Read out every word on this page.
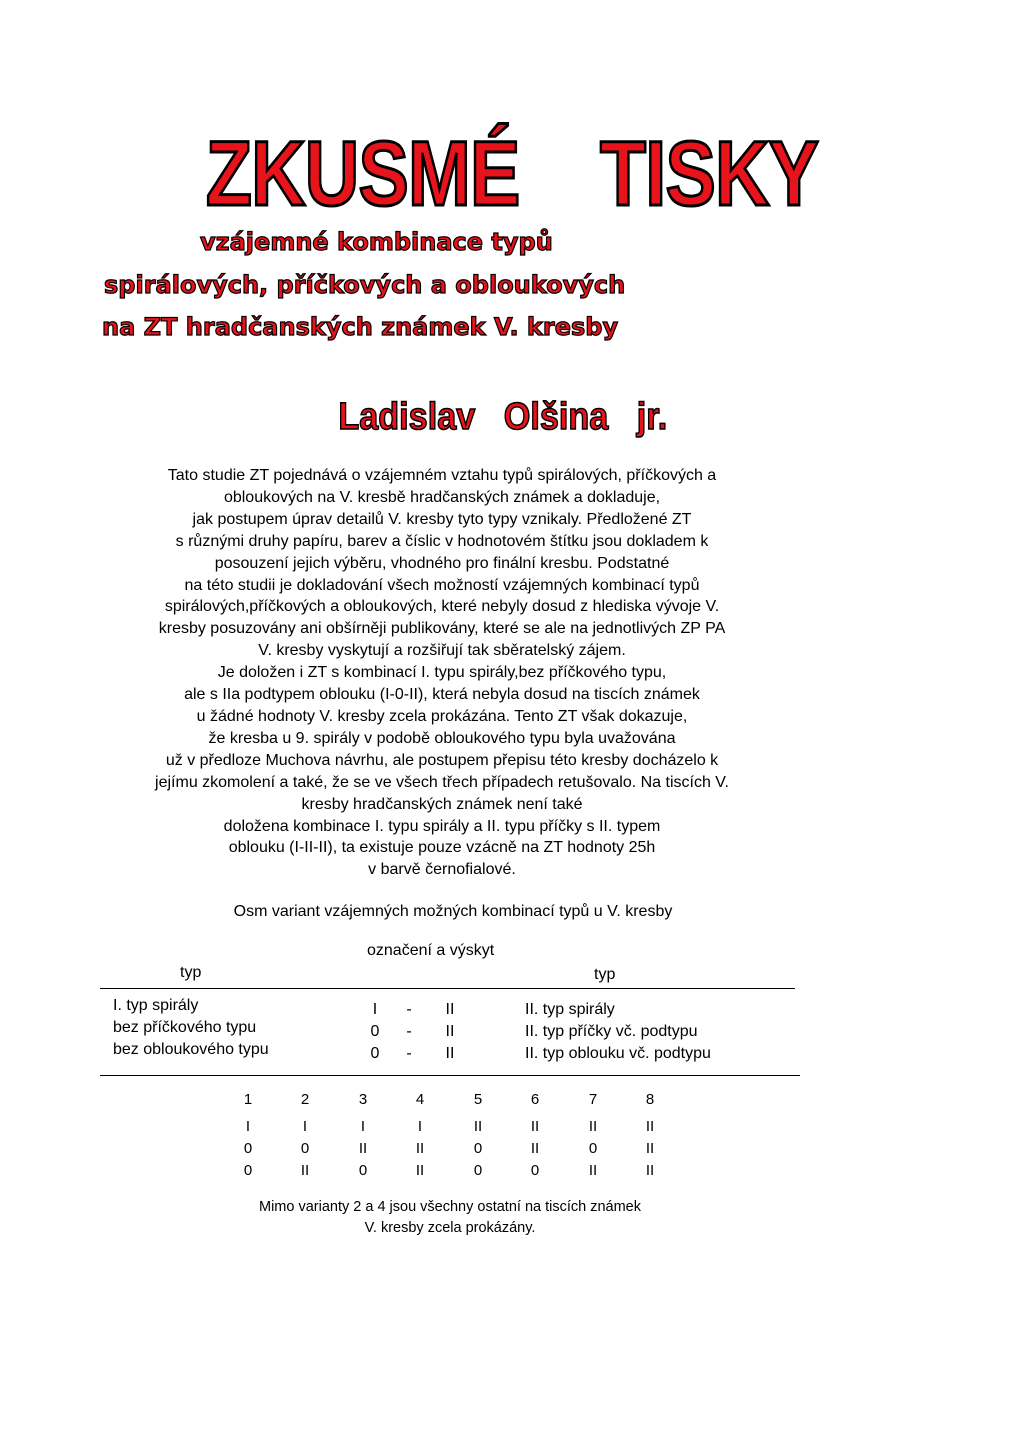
ZKUSMÉ    TISKY
vzájemné kombinace typů
spirálových, příčkových a obloukových
na ZT hradčanských známek V. kresby
Ladislav   Olšina   jr.
Tato studie ZT pojednává o vzájemném vztahu typů spirálových, příčkových a
obloukových na V. kresbě hradčanských známek a dokladuje,
jak postupem úprav detailů V. kresby tyto typy vznikaly. Předložené ZT
s různými druhy papíru, barev a číslic v hodnotovém štítku jsou dokladem k
posouzení jejich výběru, vhodného pro finální kresbu. Podstatné
na této studii je dokladování všech možností vzájemných kombinací typů
spirálových,příčkových a obloukových, které nebyly dosud z hlediska vývoje V.
kresby posuzovány ani obšírněji publikovány, které se ale na jednotlivých ZP PA
V. kresby vyskytují a rozšiřují tak sběratelský zájem.
Je doložen i ZT s kombinací I. typu spirály,bez příčkového typu,
ale s IIa podtypem oblouku (I-0-II), která nebyla dosud na tiscích známek
u žádné hodnoty V. kresby zcela prokázána. Tento ZT však dokazuje,
že kresba u 9. spirály v podobě obloukového typu byla uvažována
už v předloze Muchova návrhu, ale postupem přepisu této kresby docházelo k
jejímu zkomolení a také, že se ve všech třech případech retušovalo. Na tiscích V.
kresby hradčanských známek není také
doložena kombinace I. typu spirály a II. typu příčky s II. typem
oblouku (I-II-II), ta existuje pouze vzácně na ZT hodnoty 25h
v barvě černofialové.
Osm variant vzájemných možných kombinací typů u V. kresby
označení a výskyt
typ	typ
I. typ spirály	I	- II	II. typ spirály
bez příčkového typu	0 - II	II. typ příčky vč. podtypu
bez obloukového typu	0 - II	II. typ oblouku vč. podtypu
1	2	3	4	5	6	7	8
I	I	I	I	II	II	II	II
0	0	II	II	0	II	0	II
0	II	0	II	0	0	II	II
Mimo varianty 2 a 4 jsou všechny ostatní na tiscích známek
V. kresby zcela prokázány.
